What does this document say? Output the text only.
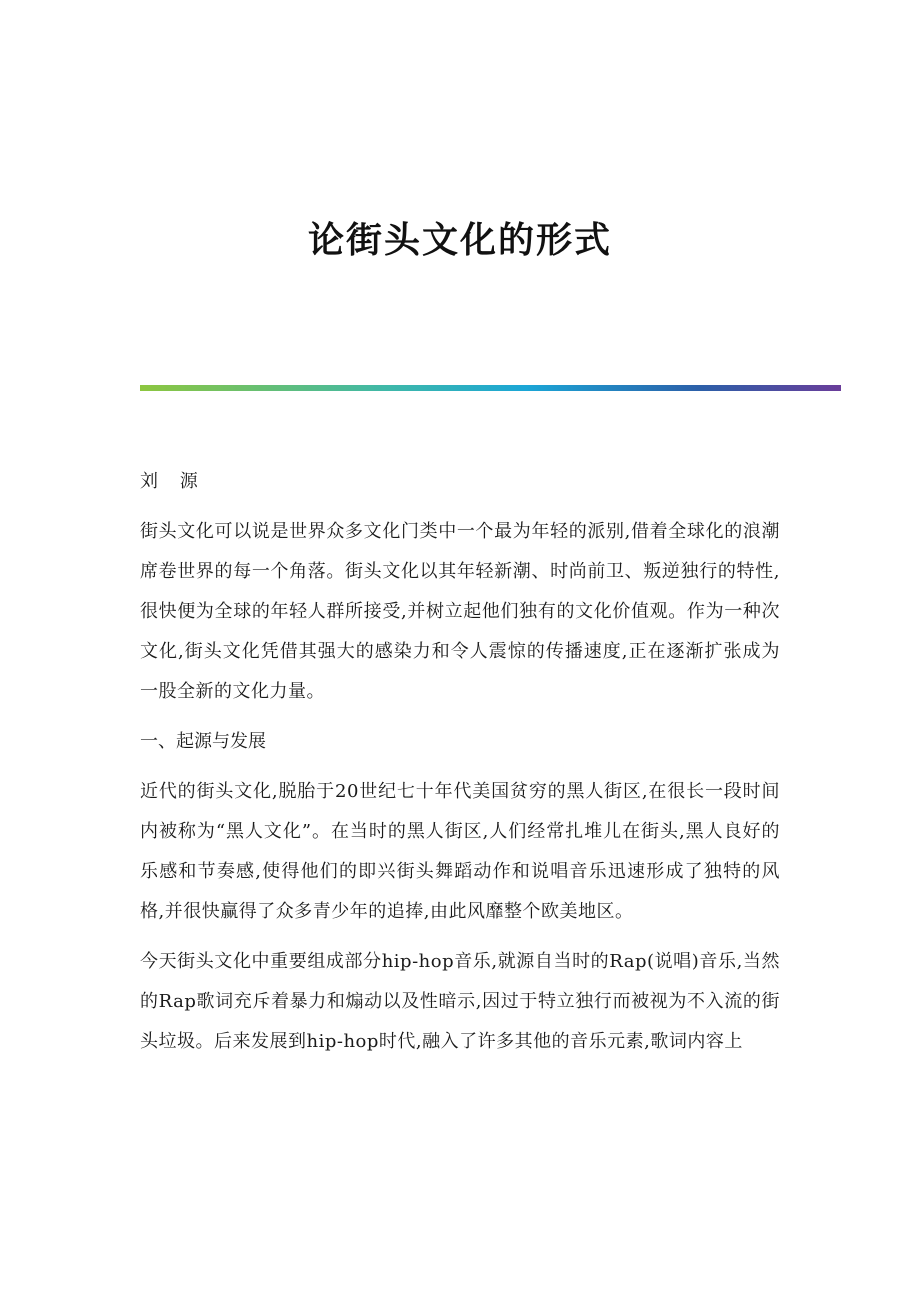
论街头文化的形式

刘 源

街头文化可以说是世界众多文化门类中一个最为年轻的派别,借着全球化的浪潮席卷世界的每一个角落。街头文化以其年轻新潮、时尚前卫、叛逆独行的特性,很快便为全球的年轻人群所接受,并树立起他们独有的文化价值观。作为一种次文化,街头文化凭借其强大的感染力和令人震惊的传播速度,正在逐渐扩张成为一股全新的文化力量。

一、起源与发展

近代的街头文化,脱胎于20世纪七十年代美国贫穷的黑人街区,在很长一段时间内被称为“黑人文化”。在当时的黑人街区,人们经常扎堆儿在街头,黑人良好的乐感和节奏感,使得他们的即兴街头舞蹈动作和说唱音乐迅速形成了独特的风格,并很快赢得了众多青少年的追捧,由此风靡整个欧美地区。

今天街头文化中重要组成部分hip-hop音乐,就源自当时的Rap(说唱)音乐,当然的Rap歌词充斥着暴力和煽动以及性暗示,因过于特立独行而被视为不入流的街头垃圾。后来发展到hip-hop时代,融入了许多其他的音乐元素,歌词内容上
